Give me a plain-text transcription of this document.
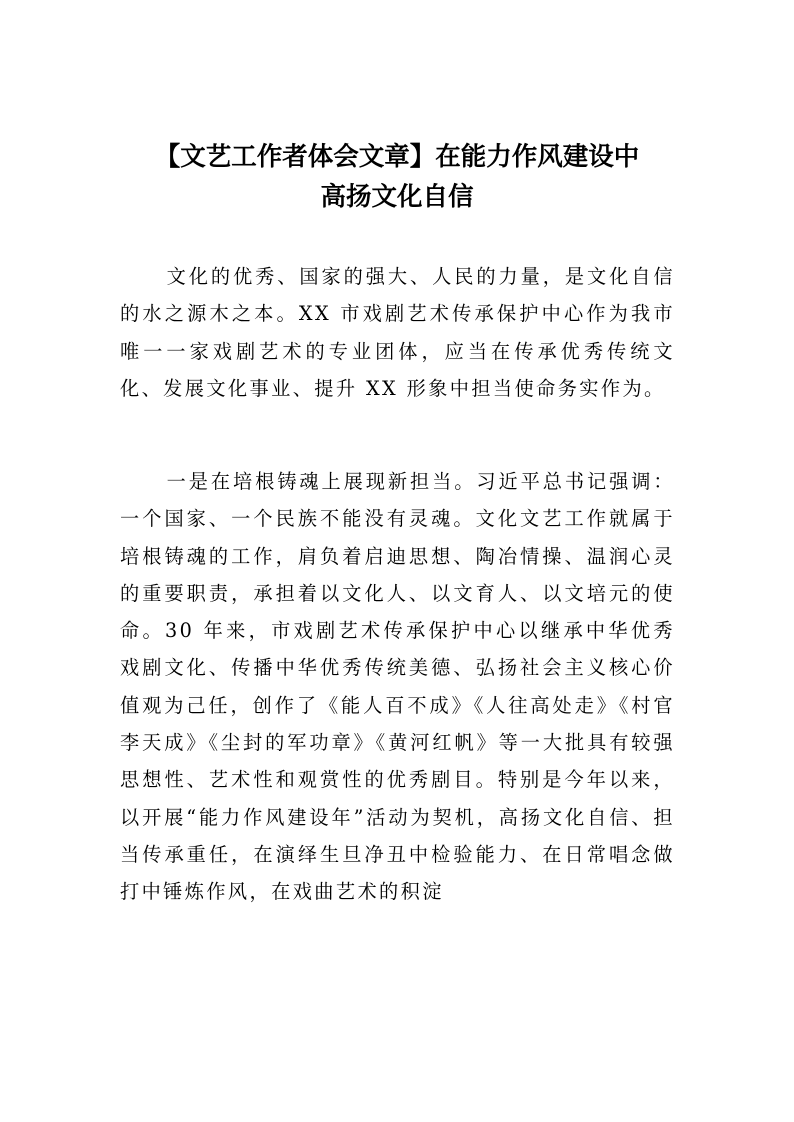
【文艺工作者体会文章】在能力作风建设中
高扬文化自信

文化的优秀、国家的强大、人民的力量，是文化自信的水之源木之本。XX 市戏剧艺术传承保护中心作为我市唯一一家戏剧艺术的专业团体，应当在传承优秀传统文化、发展文化事业、提升 XX 形象中担当使命务实作为。

一是在培根铸魂上展现新担当。习近平总书记强调：一个国家、一个民族不能没有灵魂。文化文艺工作就属于培根铸魂的工作，肩负着启迪思想、陶冶情操、温润心灵的重要职责，承担着以文化人、以文育人、以文培元的使命。30 年来，市戏剧艺术传承保护中心以继承中华优秀戏剧文化、传播中华优秀传统美德、弘扬社会主义核心价值观为己任，创作了《能人百不成》《人往高处走》《村官李天成》《尘封的军功章》《黄河红帆》等一大批具有较强思想性、艺术性和观赏性的优秀剧目。特别是今年以来，以开展“能力作风建设年”活动为契机，高扬文化自信、担当传承重任，在演绎生旦净丑中检验能力、在日常唱念做打中锤炼作风，在戏曲艺术的积淀
